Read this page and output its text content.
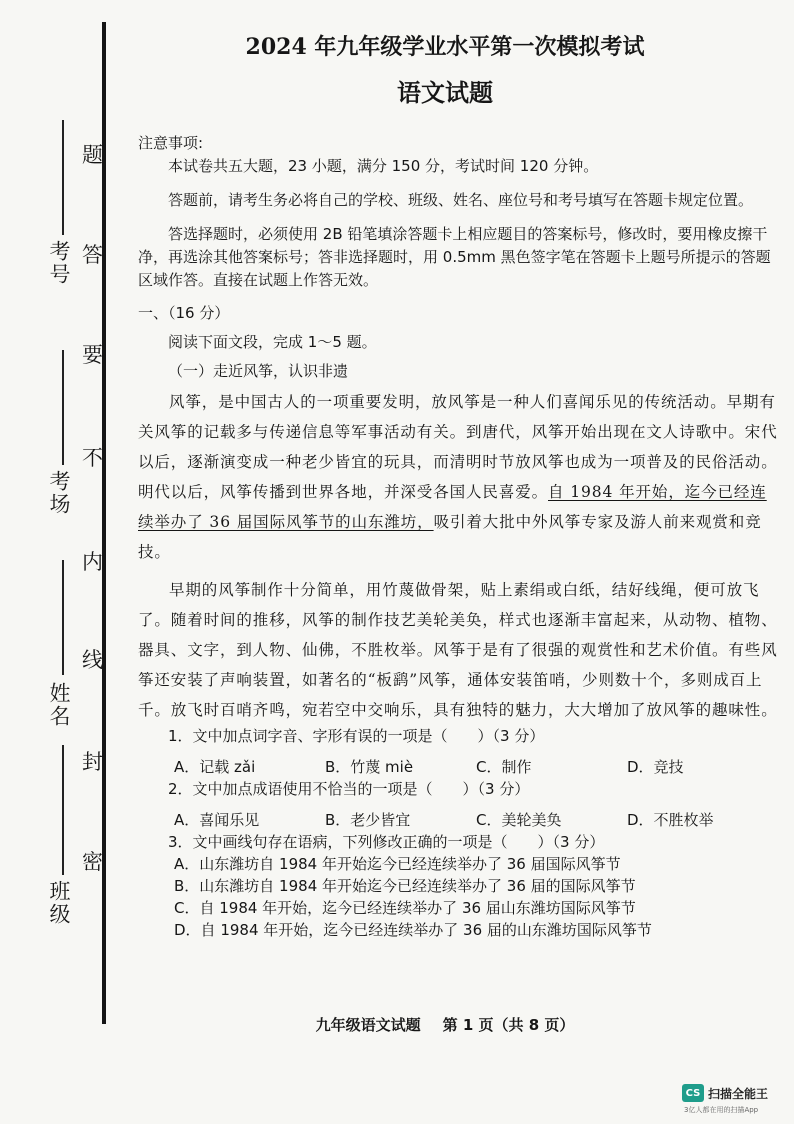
考号
考场
姓名
班级
题
答
要
不
内
线
封
密
2024 年九年级学业水平第一次模拟考试
语文试题

注意事项:

本试卷共五大题，23 小题，满分 150 分，考试时间 120 分钟。

答题前，请考生务必将自己的学校、班级、姓名、座位号和考号填写在答题卡规定位置。

答选择题时，必须使用 2B 铅笔填涂答题卡上相应题目的答案标号，修改时，要用橡皮擦干净，再选涂其他答案标号；答非选择题时，用 0.5mm 黑色签字笔在答题卡上题号所提示的答题区域作答。直接在试题上作答无效。

一、（16 分）

阅读下面文段，完成 1～5 题。

（一）走近风筝，认识非遗

风筝，是中国古人的一项重要发明，放风筝是一种人们喜闻乐见的传统活动。早期有关风筝的记载多与传递信息等军事活动有关。到唐代，风筝开始出现在文人诗歌中。宋代以后，逐渐演变成一种老少皆宜的玩具，而清明时节放风筝也成为一项普及的民俗活动。明代以后，风筝传播到世界各地，并深受各国人民喜爱。自 1984 年开始，迄今已经连续举办了 36 届国际风筝节的山东潍坊，吸引着大批中外风筝专家及游人前来观赏和竞技。

早期的风筝制作十分简单，用竹蔑做骨架，贴上素绢或白纸，结好线绳，便可放飞了。随着时间的推移，风筝的制作技艺美轮美奂，样式也逐渐丰富起来，从动物、植物、器具、文字，到人物、仙佛，不胜枚举。风筝于是有了很强的观赏性和艺术价值。有些风筝还安装了声响装置，如著名的“板鹞”风筝，通体安装笛哨，少则数十个，多则成百上千。放飞时百哨齐鸣，宛若空中交响乐，具有独特的魅力，大大增加了放风筝的趣味性。

1．文中加点词字音、字形有误的一项是（　　）（3 分）

A．记载 zǎi	B．竹蔑 miè	C．制作	D．竞技

2．文中加点成语使用不恰当的一项是（　　）（3 分）

A．喜闻乐见	B．老少皆宜	C．美轮美奂	D．不胜枚举

3．文中画线句存在语病，下列修改正确的一项是（　　）（3 分）

A．山东潍坊自 1984 年开始迄今已经连续举办了 36 届国际风筝节

B．山东潍坊自 1984 年开始迄今已经连续举办了 36 届的国际风筝节

C．自 1984 年开始，迄今已经连续举办了 36 届山东潍坊国际风筝节

D．自 1984 年开始，迄今已经连续举办了 36 届的山东潍坊国际风筝节

九年级语文试题 第 1 页（共 8 页）
CS 扫描全能王
3亿人都在用的扫描App
